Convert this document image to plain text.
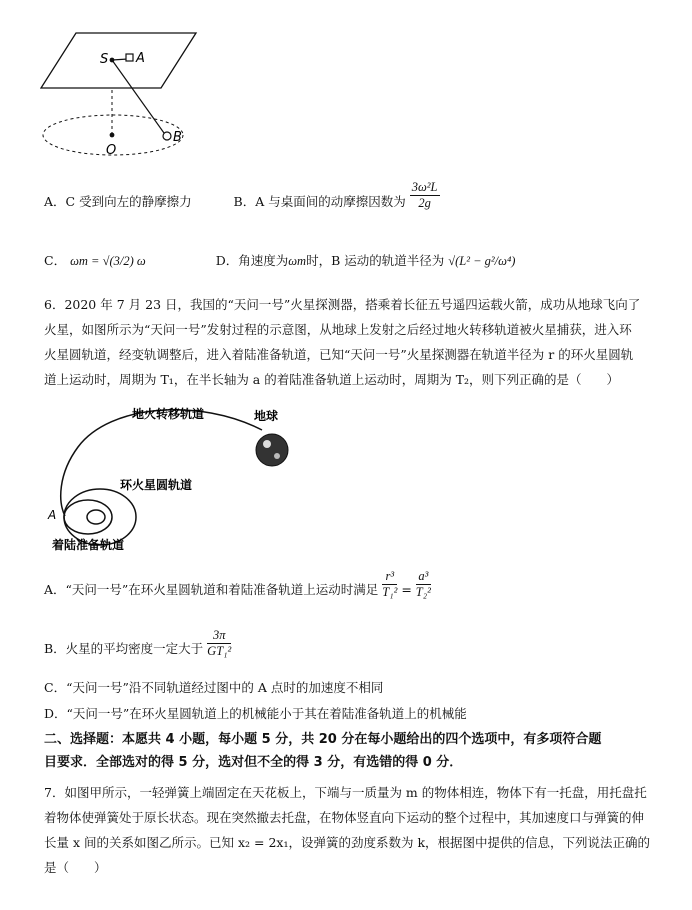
S A
O
B
A．C 受到向左的静摩擦力	B．A 与桌面间的动摩擦因数为 $\frac{\text{3ω²L}}{2g}$
C． ωm = √(3/2) ω	D．角速度为ωm时，B 运动的轨道半径为 √(L² − g²/ω⁴)
6．2020 年 7 月 23 日，我国的“天问一号”火星探测器，搭乘着长征五号遥四运载火箭，成功从地球飞向了
火星，如图所示为“天问一号”发射过程的示意图，从地球上发射之后经过地火转移轨道被火星捕获，进入环
火星圆轨道，经变轨调整后，进入着陆准备轨道，已知“天问一号”火星探测器在轨道半径为 r 的环火星圆轨
道上运动时，周期为 T₁，在半长轴为 a 的着陆准备轨道上运动时，周期为 T₂，则下列正确的是（　　）
地火转移轨道	地球
环火星圆轨道
A
着陆准备轨道
A．“天问一号”在环火星圆轨道和着陆准备轨道上运动时满足 $\frac{\text{r³}}{\text{T₁²}} = \frac{\text{a³}}{\text{T₂²}}$
B．火星的平均密度一定大于 $\frac{3\pi}{\text{GT₁²}}$
C．“天问一号”沿不同轨道经过图中的 A 点时的加速度不相同
D．“天问一号”在环火星圆轨道上的机械能小于其在着陆准备轨道上的机械能
二、选择题：本愿共 4 小题，每小题 5 分，共 20 分在每小题给出的四个选项中，有多项符合题
目要求．全部选对的得 5 分，选对但不全的得 3 分，有选错的得 0 分．
7．如图甲所示，一轻弹簧上端固定在天花板上，下端与一质量为 m 的物体相连，物体下有一托盘，用托盘托
着物体使弹簧处于原长状态。现在突然撤去托盘，在物体竖直向下运动的整个过程中，其加速度口与弹簧的伸
长量 x 间的关系如图乙所示。已知 x₂ = 2x₁，设弹簧的劲度系数为 k，根据图中提供的信息，下列说法正确的
是（　　）
